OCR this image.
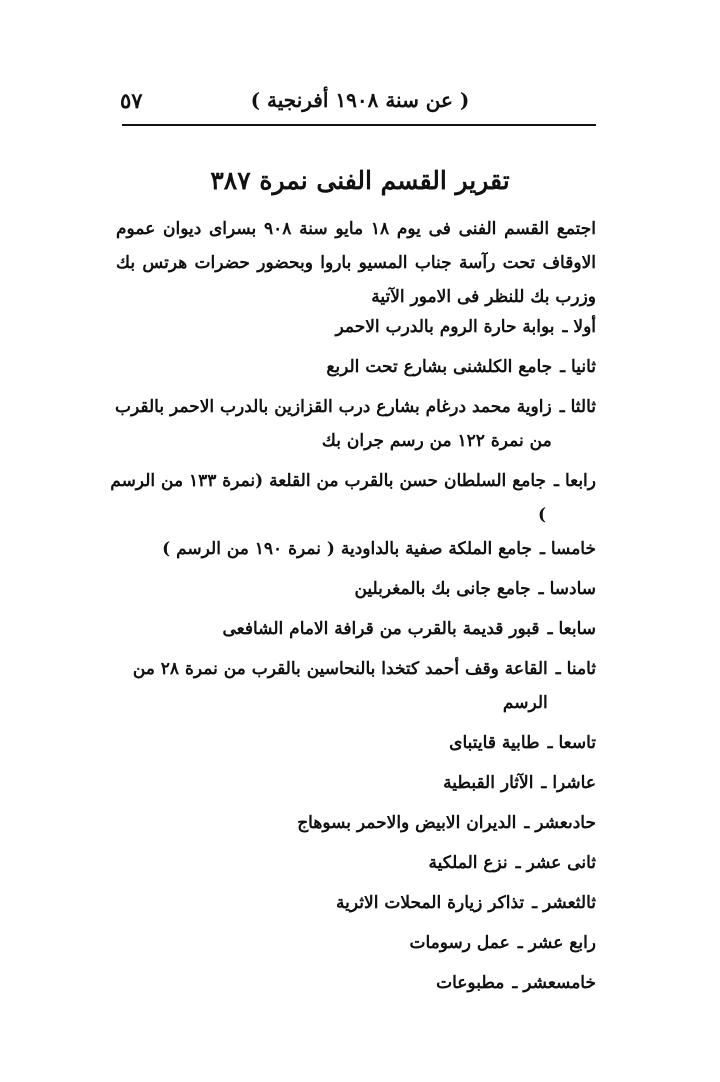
٥٧	( عن سنة ١٩٠٨ أفرنجية )
تقرير القسم الفنى نمرة ٣٨٧
اجتمع القسم الفنى فى يوم ١٨ مايو سنة ٩٠٨ بسراى ديوان عموم الاوقاف تحت رآسة جناب المسيو باروا وبحضور حضرات هرتس بك وزرب بك للنظر فى الامور الآتية
أولا ـ
بوابة حارة الروم بالدرب الاحمر
ثانيا ـ
جامع الكلشنى بشارع تحت الربع
ثالثا ـ
زاوية محمد درغام بشارع درب القزازين بالدرب الاحمر بالقرب من نمرة ١٢٢ من رسم جران بك
رابعا ـ
جامع السلطان حسن بالقرب من القلعة (نمرة ١٣٣ من الرسم )
خامسا ـ
جامع الملكة صفية بالداودية ( نمرة ١٩٠ من الرسم )
سادسا ـ
جامع جانى بك بالمغربلين
سابعا ـ
قبور قديمة بالقرب من قرافة الامام الشافعى
ثامنا ـ
القاعة وقف أحمد كتخدا بالنحاسين بالقرب من نمرة ٢٨ من الرسم
تاسعا ـ
طابية قايتباى
عاشرا ـ
الآثار القبطية
حادىعشر ـ
الديران الابيض والاحمر بسوهاج
ثانى عشر ـ
نزع الملكية
ثالثعشر ـ
تذاكر زيارة المحلات الاثرية
رابع عشر ـ
عمل رسومات
خامسعشر ـ
مطبوعات
